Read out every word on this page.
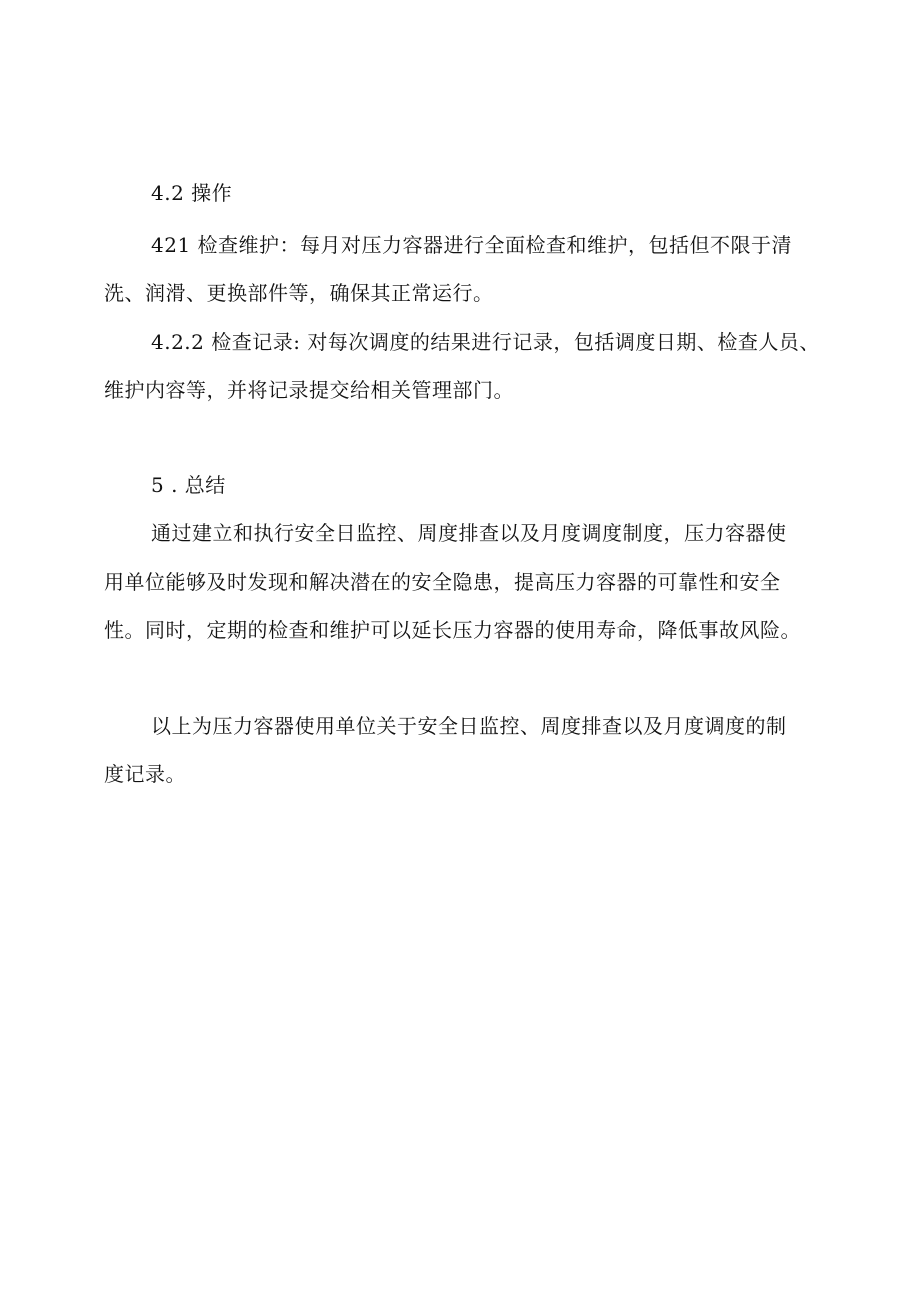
4.2 操作
421 检查维护：每月对压力容器进行全面检查和维护，包括但不限于清
洗、润滑、更换部件等，确保其正常运行。
4.2.2 检查记录: 对每次调度的结果进行记录，包括调度日期、检查人员、
维护内容等，并将记录提交给相关管理部门。
5 . 总结
通过建立和执行安全日监控、周度排查以及月度调度制度，压力容器使
用单位能够及时发现和解决潜在的安全隐患，提高压力容器的可靠性和安全
性。同时，定期的检查和维护可以延长压力容器的使用寿命，降低事故风险。
以上为压力容器使用单位关于安全日监控、周度排查以及月度调度的制
度记录。
